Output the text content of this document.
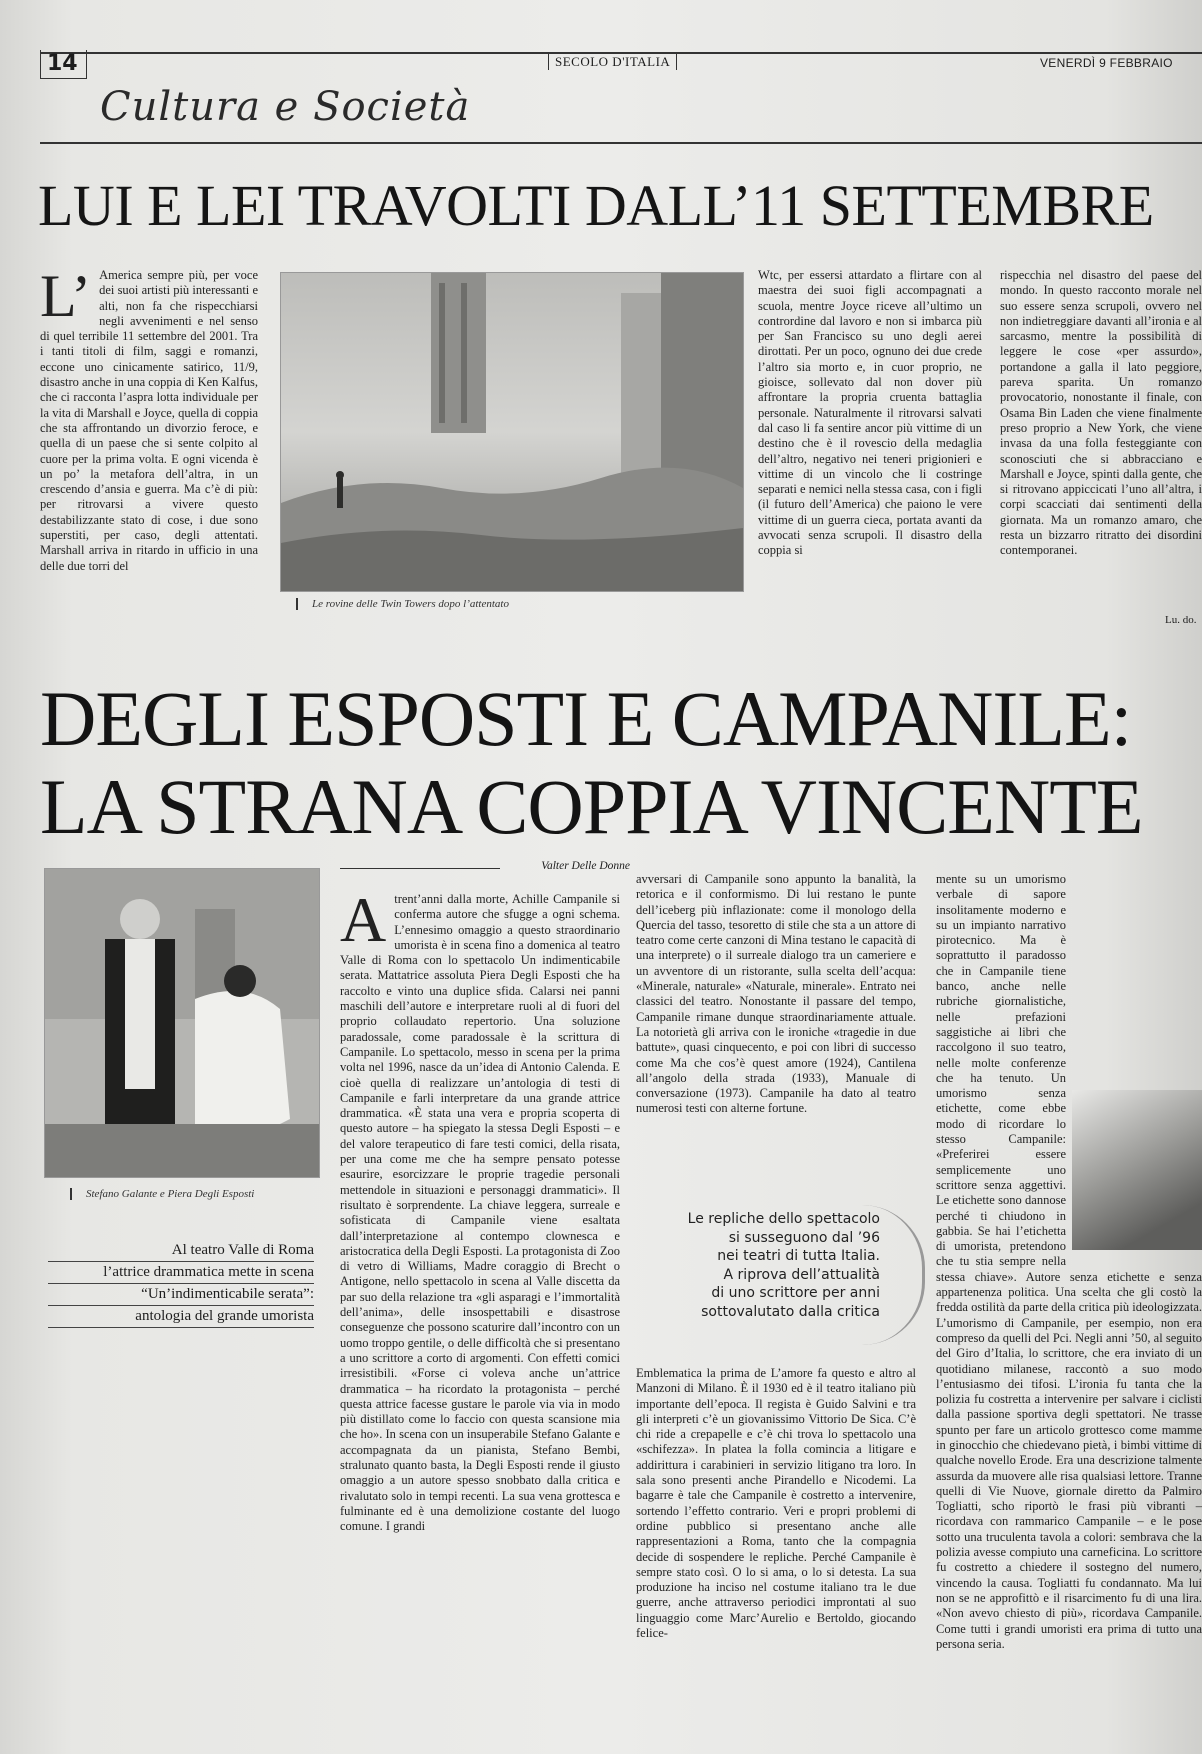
14	SECOLO D'ITALIA	VENERDÌ 9 FEBBRAIO
Cultura e Società
LUI E LEI TRAVOLTI DALL’11 SETTEMBRE
L’ America sempre più, per voce dei suoi artisti più interessanti e alti, non fa che rispecchiarsi negli avvenimenti e nel senso di quel terribile 11 settembre del 2001. Tra i tanti titoli di film, saggi e romanzi, eccone uno cinicamente satirico, 11/9, disastro anche in una coppia di Ken Kalfus, che ci racconta l’aspra lotta individuale per la vita di Marshall e Joyce, quella di coppia che sta affrontando un divorzio feroce, e quella di un paese che si sente colpito al cuore per la prima volta. E ogni vicenda è un po’ la metafora dell’altra, in un crescendo d’ansia e guerra. Ma c’è di più: per ritrovarsi a vivere questo destabilizzante stato di cose, i due sono superstiti, per caso, degli attentati. Marshall arriva in ritardo in ufficio in una delle due torri del
Le rovine delle Twin Towers dopo l’attentato
Wtc, per essersi attardato a flirtare con al maestra dei suoi figli accompagnati a scuola, mentre Joyce riceve all’ultimo un contrordine dal lavoro e non si imbarca più per San Francisco su uno degli aerei dirottati. Per un poco, ognuno dei due crede l’altro sia morto e, in cuor proprio, ne gioisce, sollevato dal non dover più affrontare la propria cruenta battaglia personale. Naturalmente il ritrovarsi salvati dal caso li fa sentire ancor più vittime di un destino che è il rovescio della medaglia dell’altro, negativo nei teneri prigionieri e vittime di un vincolo che li costringe separati e nemici nella stessa casa, con i figli (il futuro dell’America) che paiono le vere vittime di un guerra cieca, portata avanti da avvocati senza scrupoli. Il disastro della coppia si
rispecchia nel disastro del paese del mondo. In questo racconto morale nel suo essere senza scrupoli, ovvero nel non indietreggiare davanti all’ironia e al sarcasmo, mentre la possibilità di leggere le cose «per assurdo», portandone a galla il lato peggiore, pareva sparita. Un romanzo provocatorio, nonostante il finale, con Osama Bin Laden che viene finalmente preso proprio a New York, che viene invasa da una folla festeggiante con sconosciuti che si abbracciano e Marshall e Joyce, spinti dalla gente, che si ritrovano appiccicati l’uno all’altra, i corpi scacciati dai sentimenti della giornata. Ma un romanzo amaro, che resta un bizzarro ritratto dei disordini contemporanei.
Lu. do.
DEGLI ESPOSTI E CAMPANILE:
LA STRANA COPPIA VINCENTE
Stefano Galante e Piera Degli Esposti
Al teatro Valle di Roma
l’attrice drammatica mette in scena
“Un’indimenticabile serata”:
antologia del grande umorista
Valter Delle Donne
A trent’anni dalla morte, Achille Campanile si conferma autore che sfugge a ogni schema. L’ennesimo omaggio a questo straordinario umorista è in scena fino a domenica al teatro Valle di Roma con lo spettacolo Un indimenticabile serata. Mattatrice assoluta Piera Degli Esposti che ha raccolto e vinto una duplice sfida. Calarsi nei panni maschili dell’autore e interpretare ruoli al di fuori del proprio collaudato repertorio. Una soluzione paradossale, come paradossale è la scrittura di Campanile. Lo spettacolo, messo in scena per la prima volta nel 1996, nasce da un’idea di Antonio Calenda. E cioè quella di realizzare un’antologia di testi di Campanile e farli interpretare da una grande attrice drammatica. «È stata una vera e propria scoperta di questo autore – ha spiegato la stessa Degli Esposti – e del valore terapeutico di fare testi comici, della risata, per una come me che ha sempre pensato potesse esaurire, esorcizzare le proprie tragedie personali mettendole in situazioni e personaggi drammatici». Il risultato è sorprendente. La chiave leggera, surreale e sofisticata di Campanile viene esaltata dall’interpretazione al contempo clownesca e aristocratica della Degli Esposti. La protagonista di Zoo di vetro di Williams, Madre coraggio di Brecht o Antigone, nello spettacolo in scena al Valle discetta da par suo della relazione tra «gli asparagi e l’immortalità dell’anima», delle insospettabili e disastrose conseguenze che possono scaturire dall’incontro con un uomo troppo gentile, o delle difficoltà che si presentano a uno scrittore a corto di argomenti. Con effetti comici irresistibili. «Forse ci voleva anche un’attrice drammatica – ha ricordato la protagonista – perché questa attrice facesse gustare le parole via via in modo più distillato come lo faccio con questa scansione mia che ho». In scena con un insuperabile Stefano Galante e accompagnata da un pianista, Stefano Bembi, stralunato quanto basta, la Degli Esposti rende il giusto omaggio a un autore spesso snobbato dalla critica e rivalutato solo in tempi recenti. La sua vena grottesca e fulminante ed è una demolizione costante del luogo comune. I grandi
avversari di Campanile sono appunto la banalità, la retorica e il conformismo. Di lui restano le punte dell’iceberg più inflazionate: come il monologo della Quercia del tasso, tesoretto di stile che sta a un attore di teatro come certe canzoni di Mina testano le capacità di una interprete) o il surreale dialogo tra un cameriere e un avventore di un ristorante, sulla scelta dell’acqua: «Minerale, naturale» «Naturale, minerale». Entrato nei classici del teatro. Nonostante il passare del tempo, Campanile rimane dunque straordinariamente attuale. La notorietà gli arriva con le ironiche «tragedie in due battute», quasi cinquecento, e poi con libri di successo come Ma che cos’è quest amore (1924), Cantilena all’angolo della strada (1933), Manuale di conversazione (1973). Campanile ha dato al teatro numerosi testi con alterne fortune.
Le repliche dello spettacolo
si susseguono dal ’96
nei teatri di tutta Italia.
A riprova dell’attualità
di uno scrittore per anni
sottovalutato dalla critica
Emblematica la prima de L’amore fa questo e altro al Manzoni di Milano. È il 1930 ed è il teatro italiano più importante dell’epoca. Il regista è Guido Salvini e tra gli interpreti c’è un giovanissimo Vittorio De Sica. C’è chi ride a crepapelle e c’è chi trova lo spettacolo una «schifezza». In platea la folla comincia a litigare e addirittura i carabinieri in servizio litigano tra loro. In sala sono presenti anche Pirandello e Nicodemi. La bagarre è tale che Campanile è costretto a intervenire, sortendo l’effetto contrario. Veri e propri problemi di ordine pubblico si presentano anche alle rappresentazioni a Roma, tanto che la compagnia decide di sospendere le repliche. Perché Campanile è sempre stato così. O lo si ama, o lo si detesta. La sua produzione ha inciso nel costume italiano tra le due guerre, anche attraverso periodici improntati al suo linguaggio come Marc’Aurelio e Bertoldo, giocando felice-
mente su un umorismo verbale di sapore insolitamente moderno e su un impianto narrativo pirotecnico. Ma è soprattutto il paradosso che in Campanile tiene banco, anche nelle rubriche giornalistiche, nelle prefazioni saggistiche ai libri che raccolgono il suo teatro, nelle molte conferenze che ha tenuto. Un umorismo senza etichette, come ebbe modo di ricordare lo stesso Campanile: «Preferirei essere semplicemente uno scrittore senza aggettivi. Le etichette sono dannose perché ti chiudono in gabbia. Se hai l’etichetta di umorista, pretendono che tu stia sempre nella stessa chiave». Autore senza etichette e senza appartenenza politica. Una scelta che gli costò la fredda ostilità da parte della critica più ideologizzata. L’umorismo di Campanile, per esempio, non era compreso da quelli del Pci. Negli anni ’50, al seguito del Giro d’Italia, lo scrittore, che era inviato di un quotidiano milanese, raccontò a suo modo l’entusiasmo dei tifosi. L’ironia fu tanta che la polizia fu costretta a intervenire per salvare i ciclisti dalla passione sportiva degli spettatori. Ne trasse spunto per fare un articolo grottesco come mamme in ginocchio che chiedevano pietà, i bimbi vittime di qualche novello Erode. Era una descrizione talmente assurda da muovere alle risa qualsiasi lettore. Tranne quelli di Vie Nuove, giornale diretto da Palmiro Togliatti, scho riportò le frasi più vibranti – ricordava con rammarico Campanile – e le pose sotto una truculenta tavola a colori: sembrava che la polizia avesse compiuto una carneficina. Lo scrittore fu costretto a chiedere il sostegno del numero, vincendo la causa. Togliatti fu condannato. Ma lui non se ne approfittò e il risarcimento fu di una lira. «Non avevo chiesto di più», ricordava Campanile. Come tutti i grandi umoristi era prima di tutto una persona seria.
